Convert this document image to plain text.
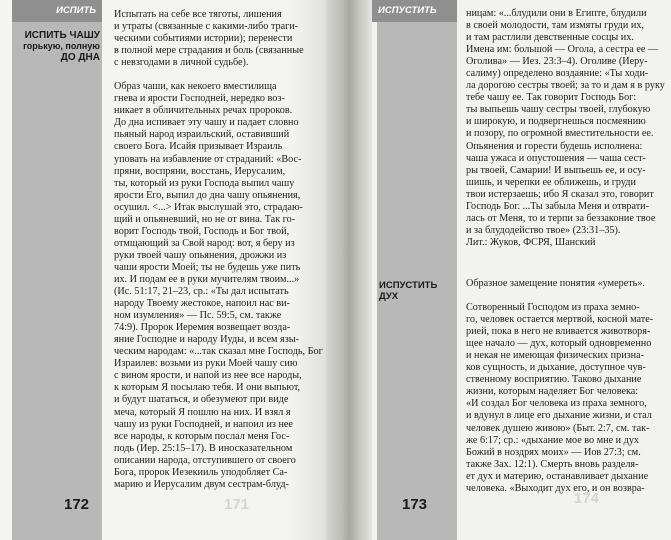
ИСПИТЬ	ИСПУСТИТЬ
ИСПИТЬ ЧАШУ
горькую, полную
ДО ДНА
ИСПУСТИТЬ ДУХ
Испытать на себе все тяготы, лишения
и утраты (связанные с какими-либо траги-
ческими событиями истории); перенести
в полной мере страдания и боль (связанные
с невзгодами в личной судьбе).
Образ чаши, как некоего вместилища
гнева и ярости Господней, нередко воз-
никает в обличительных речах пророков.
До дна испивает эту чашу и падает словно
пьяный народ израильский, оставивший
своего Бога. Исайя призывает Израиль
уповать на избавление от страданий: «Вос-
пряни, воспряни, восстань, Иерусалим,
ты, который из руки Господа выпил чашу
ярости Его, выпил до дна чашу опьянения,
осушил. <...> Итак выслушай это, страдаю-
щий и опьяневший, но не от вина. Так го-
ворит Господь твой, Господь и Бог твой,
отмщающий за Свой народ: вот, я беру из
руки твоей чашу опьянения, дрожжи из
чаши ярости Моей; ты не будешь уже пить
их. И подам ее в руки мучителям твоим...»
(Ис. 51:17, 21–23, ср.: «Ты дал испытать
народу Твоему жестокое, напоил нас ви-
ном изумления» — Пс. 59:5, см. также
74:9). Пророк Иеремия возвещает возда-
яние Господне и народу Иуды, и всем язы-
ческим народам: «...так сказал мне Господь, Бог
Израилев: возьми из руки Моей чашу сию
с вином ярости, и напой из нее все народы,
к которым Я посылаю тебя. И они выпьют,
и будут шататься, и обезумеют при виде
меча, который Я пошлю на них. И взял я
чашу из руки Господней, и напоил из нее
все народы, к которым послал меня Гос-
подь (Иер. 25:15–17). В иносказательном
описании народа, отступившего от своего
Бога, пророк Иезекииль уподобляет Са-
марию и Иерусалим двум сестрам-блуд-
ницам: «...блудили они в Египте, блудили
в своей молодости, там измяты груди их,
и там растлили девственные сосцы их.
Имена им: большой — Огола, а сестра ее —
Оголива» — Иез. 23:3–4). Оголиве (Иеру-
салиму) определено воздаяние: «Ты ходи-
ла дорогою сестры твоей; за то и дам я в руку
тебе чашу ее. Так говорит Господь Бог:
ты выпьешь чашу сестры твоей, глубокую
и широкую, и подвергнешься посмеянию
и позору, по огромной вместительности ее.
Опьянения и горести будешь исполнена:
чаша ужаса и опустошения — чаша сест-
ры твоей, Самарии! И выпьешь ее, и осу-
шишь, и черепки ее оближешь, и груди
твои истерзаешь; ибо Я сказал это, говорит
Господь Бог. ...Ты забыла Меня и отврати-
лась от Меня, то и терпи за беззаконие твое
и за блудодейство твое» (23:31–35).
Лит.: Жуков, ФСРЯ, Шанский
Образное замещение понятия «умереть».
Сотворенный Господом из праха земно-
го, человек остается мертвой, косной мате-
рией, пока в него не вливается животворя-
щее начало — дух, который одновременно
и некая не имеющая физических призна-
ков сущность, и дыхание, доступное чув-
ственному восприятию. Таково дыхание
жизни, которым наделяет Бог человека:
«И создал Бог человека из праха земного,
и вдунул в лице его дыхание жизни, и стал
человек душею живою» (Быт. 2:7, см. так-
же 6:17; ср.: «дыхание мое во мне и дух
Божий в ноздрях моих» — Иов 27:3; см.
также Зах. 12:1). Смерть вновь разделя-
ет дух и материю, останавливает дыхание
человека. «Выходит дух его, и он возвра-
172	173
171	174
